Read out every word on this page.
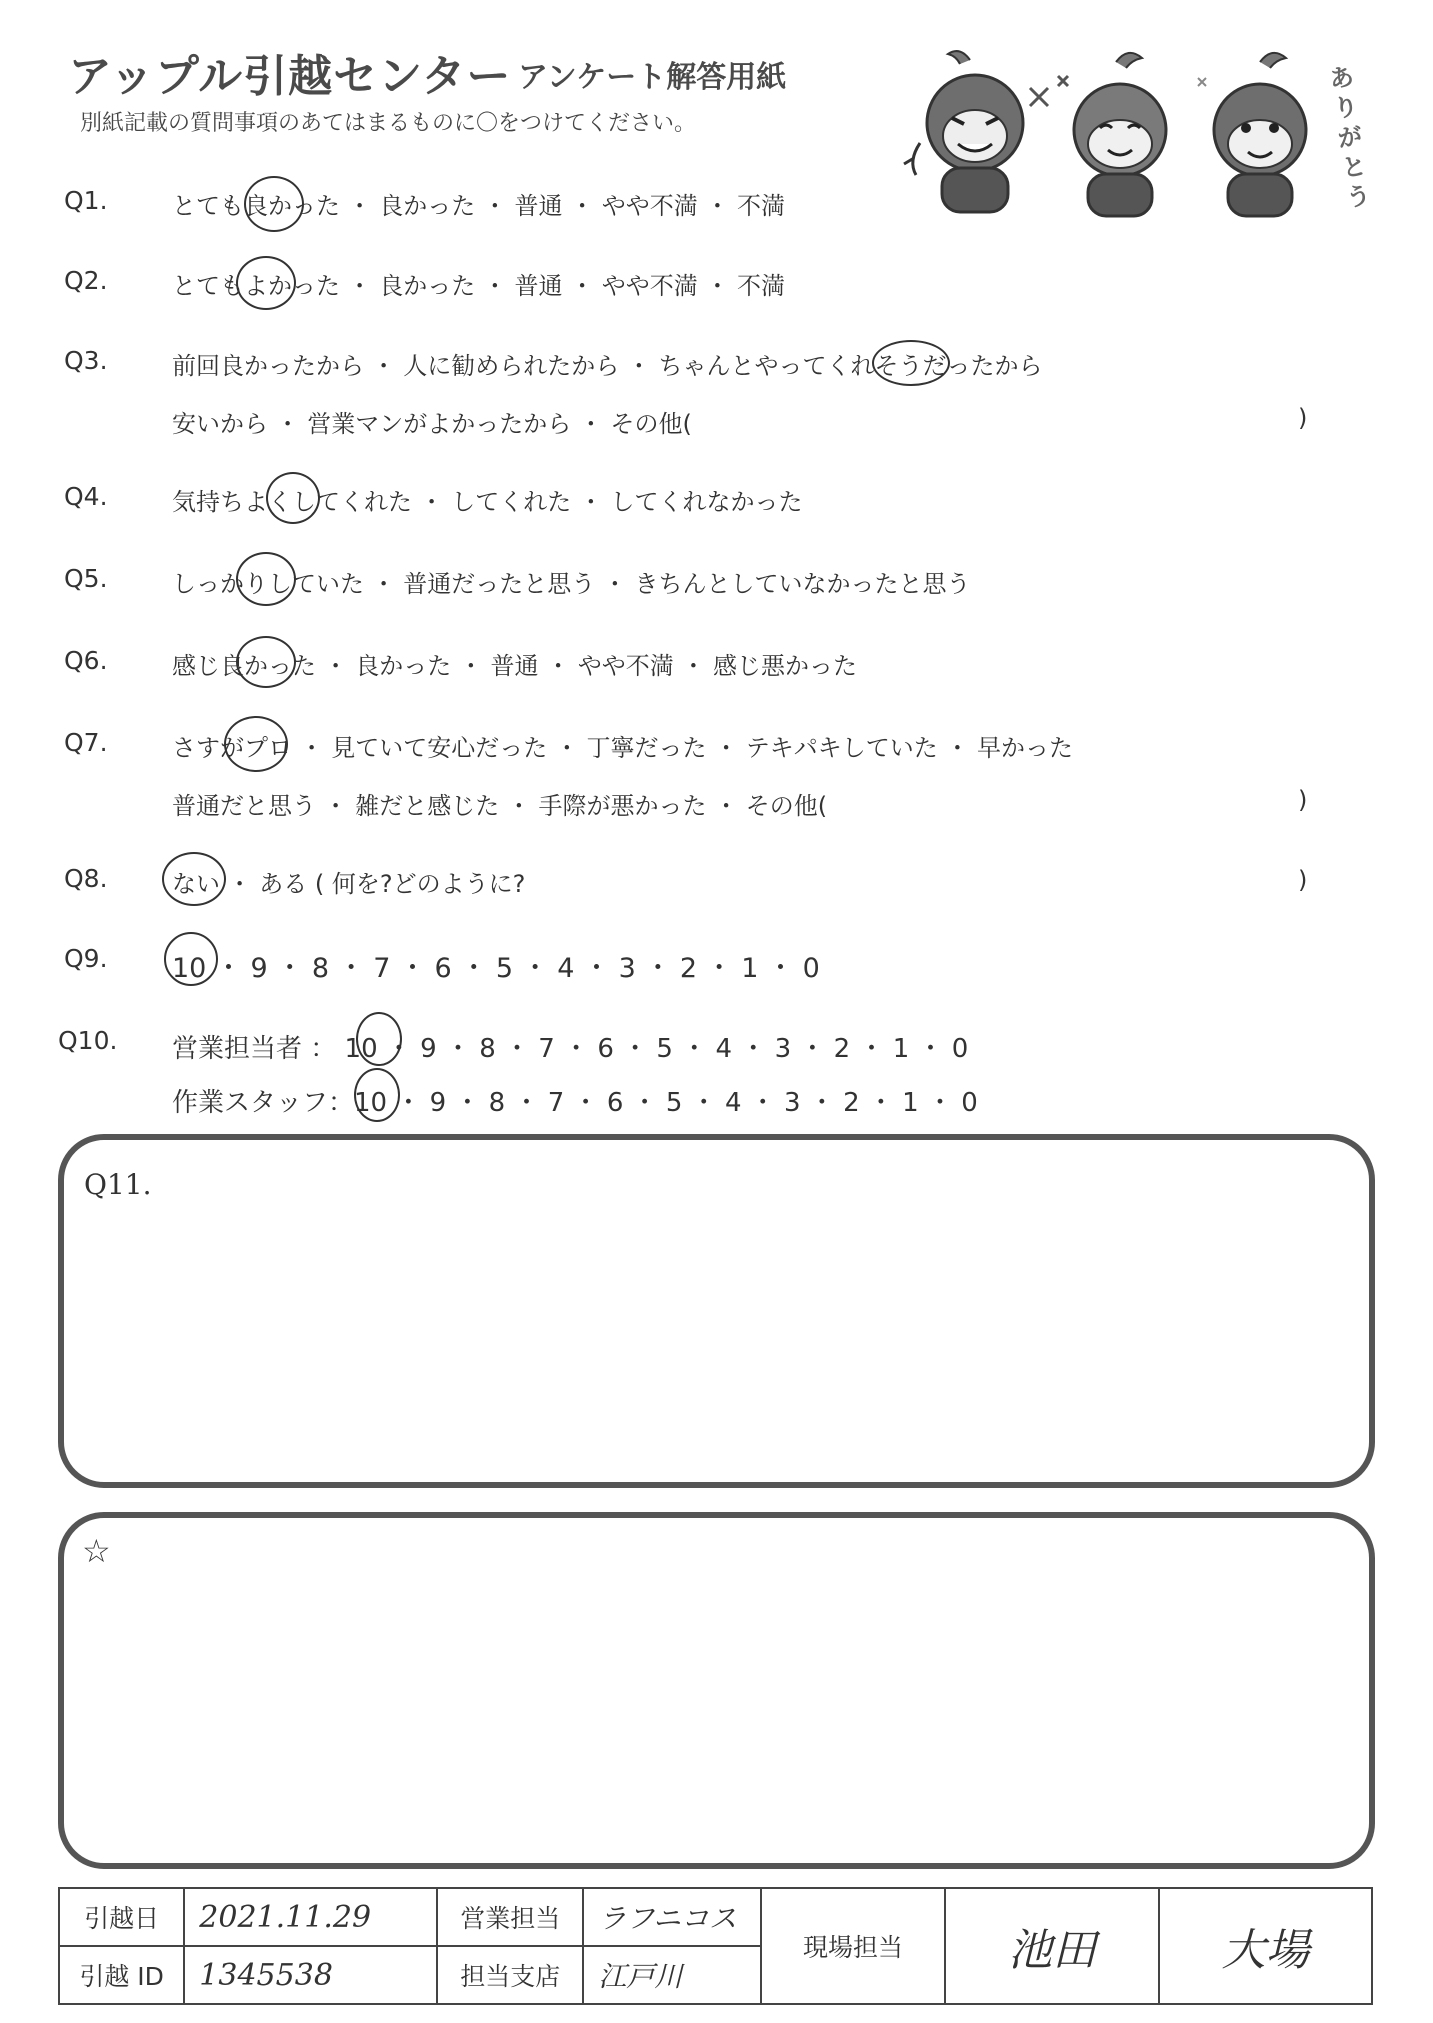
アップル引越センター アンケート解答用紙
別紙記載の質問事項のあてはまるものに〇をつけてください。
ありがとう
Q1.	とても良かった ・ 良かった ・ 普通 ・ やや不満 ・ 不満
Q2.	とてもよかった ・ 良かった ・ 普通 ・ やや不満 ・ 不満
Q3.	前回良かったから ・ 人に勧められたから ・ ちゃんとやってくれそうだったから
安いから ・ 営業マンがよかったから ・ その他(	)
Q4.	気持ちよくしてくれた ・ してくれた ・ してくれなかった
Q5.	しっかりしていた ・ 普通だったと思う ・ きちんとしていなかったと思う
Q6.	感じ良かった ・ 良かった ・ 普通 ・ やや不満 ・ 感じ悪かった
Q7.	さすがプロ ・ 見ていて安心だった ・ 丁寧だった ・ テキパキしていた ・ 早かった
普通だと思う ・ 雑だと感じた ・ 手際が悪かった ・ その他(	)
Q8.	ない ・ ある ( 何を?どのように?	)
Q9. 10 ・ 9 ・ 8 ・ 7 ・ 6 ・ 5 ・ 4 ・ 3 ・ 2 ・ 1 ・ 0
Q10. 営業担当者 ： 10 ・ 9 ・ 8 ・ 7 ・ 6 ・ 5 ・ 4 ・ 3 ・ 2 ・ 1 ・ 0
作業スタッフ：10 ・ 9 ・ 8 ・ 7 ・ 6 ・ 5 ・ 4 ・ 3 ・ 2 ・ 1 ・ 0
Q11.
☆
引越日	2021.11.29	営業担当	ラフニコス	現場担当	池田	大場
引越 ID	1345538	担当支店	江戸川			
